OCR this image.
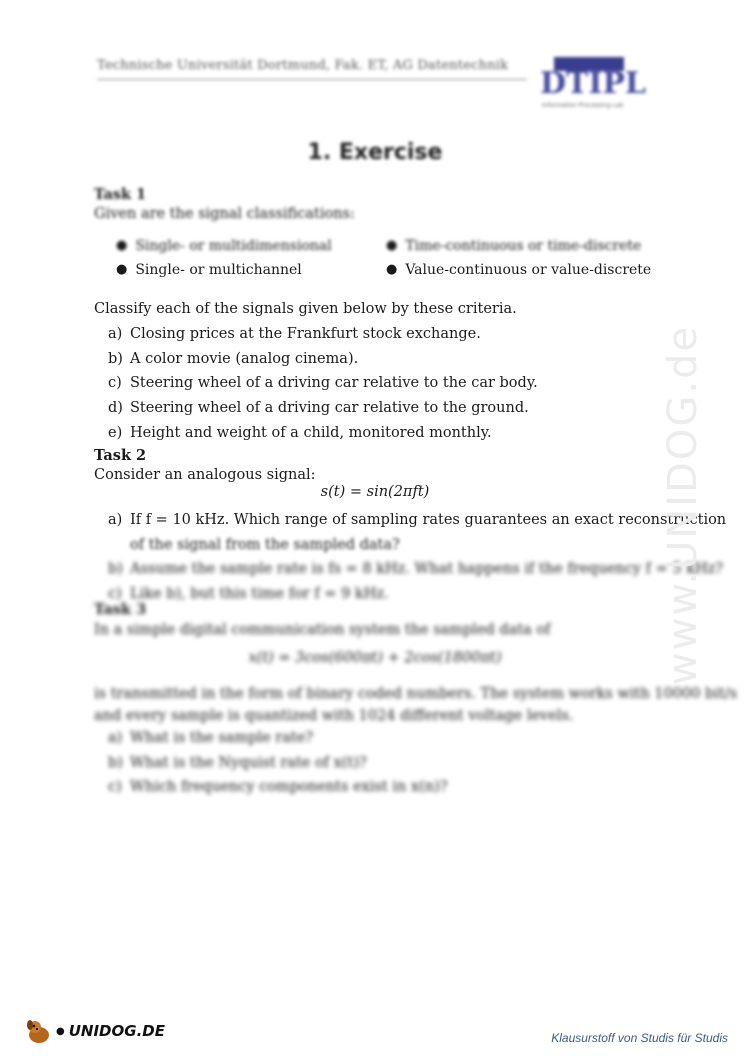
Technische Universität Dortmund, Fak. ET, AG Datentechnik
DTIPL
Information Processing Lab
1. Exercise
Task 1
Given are the signal classifications:
● Single- or multidimensional	● Time-continuous or time-discrete
● Single- or multichannel	● Value-continuous or value-discrete
Classify each of the signals given below by these criteria.
a) Closing prices at the Frankfurt stock exchange.
b) A color movie (analog cinema).
c) Steering wheel of a driving car relative to the car body.
d) Steering wheel of a driving car relative to the ground.
e) Height and weight of a child, monitored monthly.
Task 2
Consider an analogous signal:
s(t) = sin(2πft)
a) If f = 10 kHz. Which range of sampling rates guarantees an exact reconstruction
of the signal from the sampled data?
b) Assume the sample rate is fs = 8 kHz. What happens if the frequency f = 5 kHz?
c) Like b), but this time for f = 9 kHz.
Task 3
In a simple digital communication system the sampled data of
x(t) = 3cos(600πt) + 2cos(1800πt)
is transmitted in the form of binary coded numbers. The system works with 10000 bit/s
and every sample is quantized with 1024 different voltage levels.
a) What is the sample rate?
b) What is the Nyquist rate of x(t)?
c) Which frequency components exist in x(n)?
www.UNIDOG.de
● UNIDOG.DE	Klausurstoff von Studis für Studis
